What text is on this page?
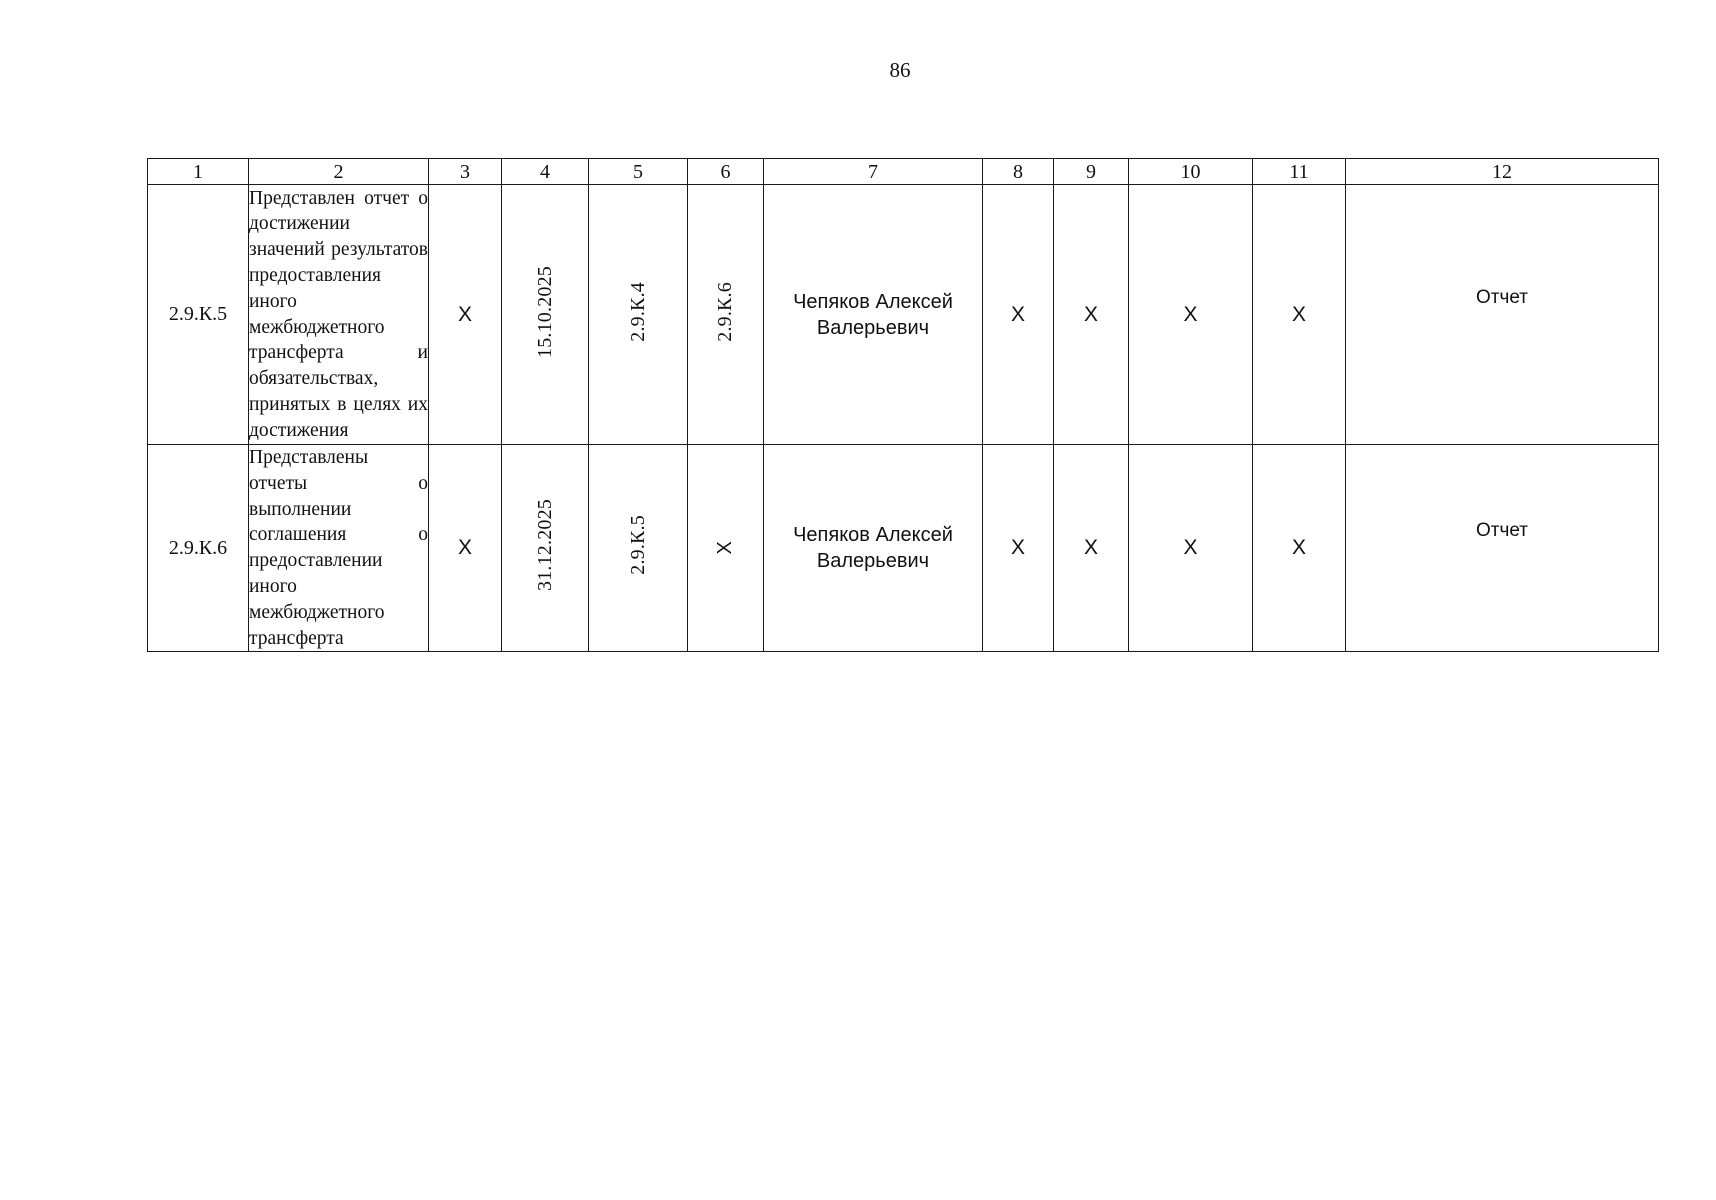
86
1	2	3	4	5	6	7	8	9	10	11	12
2.9.К.5	Представлен отчет о достижении значений результатов предоставления иного межбюджетного трансферта и обязательствах, принятых в целях их достижения	Х	15.10.2025	2.9.К.4	2.9.К.6	Чепяков Алексей Валерьевич	Х	Х	Х	Х	Отчет

2.9.К.6	Представлены отчеты о выполнении соглашения о предоставлении иного межбюджетного трансферта	Х	31.12.2025	2.9.К.5	Х	Чепяков Алексей Валерьевич	Х	Х	Х	Х	Отчет
